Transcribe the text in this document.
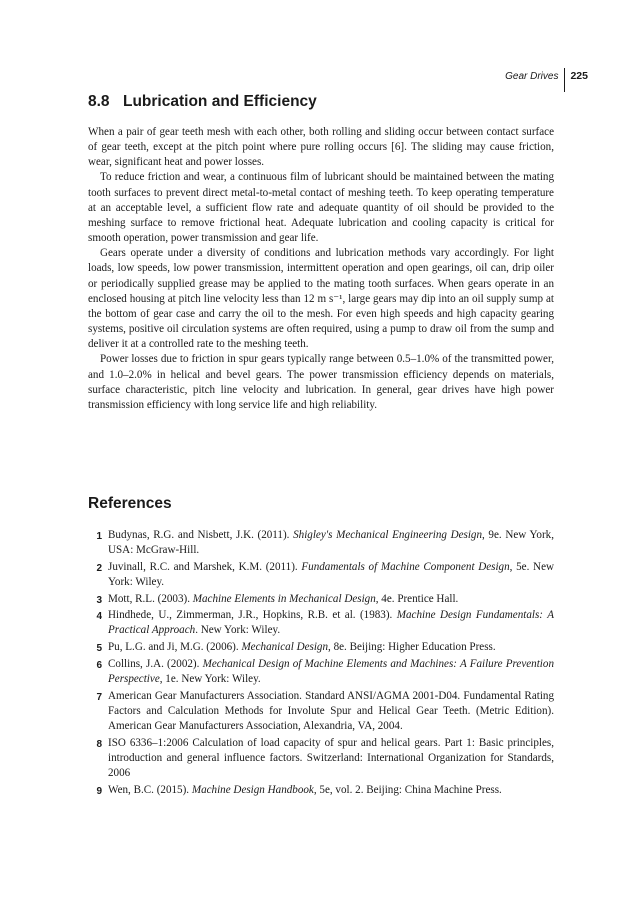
Gear Drives 225
8.8 Lubrication and Efficiency

When a pair of gear teeth mesh with each other, both rolling and sliding occur between contact surface of gear teeth, except at the pitch point where pure rolling occurs [6]. The sliding may cause friction, wear, significant heat and power losses.

To reduce friction and wear, a continuous film of lubricant should be maintained between the mating tooth surfaces to prevent direct metal-to-metal contact of meshing teeth. To keep operating temperature at an acceptable level, a sufficient flow rate and adequate quantity of oil should be provided to the meshing surface to remove frictional heat. Adequate lubrication and cooling capacity is critical for smooth operation, power transmission and gear life.

Gears operate under a diversity of conditions and lubrication methods vary accordingly. For light loads, low speeds, low power transmission, intermittent operation and open gearings, oil can, drip oiler or periodically supplied grease may be applied to the mating tooth surfaces. When gears operate in an enclosed housing at pitch line velocity less than 12 m s⁻¹, large gears may dip into an oil supply sump at the bottom of gear case and carry the oil to the mesh. For even high speeds and high capacity gearing systems, positive oil circulation systems are often required, using a pump to draw oil from the sump and deliver it at a controlled rate to the meshing teeth.

Power losses due to friction in spur gears typically range between 0.5–1.0% of the transmitted power, and 1.0–2.0% in helical and bevel gears. The power transmission efficiency depends on materials, surface characteristic, pitch line velocity and lubrication. In general, gear drives have high power transmission efficiency with long service life and high reliability.

References
1 Budynas, R.G. and Nisbett, J.K. (2011). Shigley's Mechanical Engineering Design, 9e. New York, USA: McGraw-Hill.
2 Juvinall, R.C. and Marshek, K.M. (2011). Fundamentals of Machine Component Design, 5e. New York: Wiley.
3 Mott, R.L. (2003). Machine Elements in Mechanical Design, 4e. Prentice Hall.
4 Hindhede, U., Zimmerman, J.R., Hopkins, R.B. et al. (1983). Machine Design Fundamentals: A Practical Approach. New York: Wiley.
5 Pu, L.G. and Ji, M.G. (2006). Mechanical Design, 8e. Beijing: Higher Education Press.
6 Collins, J.A. (2002). Mechanical Design of Machine Elements and Machines: A Failure Prevention Perspective, 1e. New York: Wiley.
7 American Gear Manufacturers Association. Standard ANSI/AGMA 2001-D04. Fundamental Rating Factors and Calculation Methods for Involute Spur and Helical Gear Teeth. (Metric Edition). American Gear Manufacturers Association, Alexandria, VA, 2004.
8 ISO 6336–1:2006 Calculation of load capacity of spur and helical gears. Part 1: Basic principles, introduction and general influence factors. Switzerland: International Organization for Standards, 2006
9 Wen, B.C. (2015). Machine Design Handbook, 5e, vol. 2. Beijing: China Machine Press.
